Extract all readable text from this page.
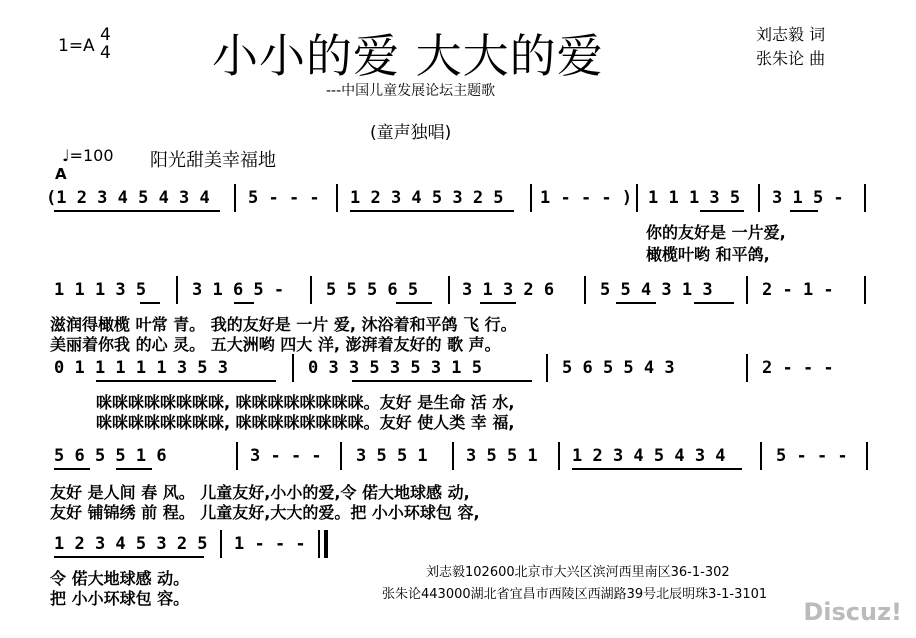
1=A
4
4 小小的爱 大大的爱	刘志毅 词
张朱论 曲
---中国儿童发展论坛主题歌
(童声独唱)
♩=100 阳光甜美幸福地
A
(1 2 3 4 5 4 3 4 5 - - - 1 2 3 4 5 3 2 5 1 - - - ) 1 1 1 3 5 3 1 5 -
你的友好是 一片爱,
橄榄叶哟 和平鸽,
1 1 1 3 5	3 1 6 5 - 5 5 5 6 5	3 1 3 2 6	5 5 4 3 1 3	2 - 1 -
滋润得橄榄 叶常 青。 我的友好是 一片 爱, 沐浴着和平鸽 飞 行。
美丽着你我 的心 灵。 五大洲哟 四大 洋, 澎湃着友好的 歌 声。
0 1 1 1 1 1 3 5 3	0 3 3 5 3 5 3 1 5	5 6 5 5 4 3	2 - - -
咪咪咪咪咪咪咪咪, 咪咪咪咪咪咪咪咪。友好 是生命 活 水,
咪咪咪咪咪咪咪咪, 咪咪咪咪咪咪咪咪。友好 使人类 幸 福,
5 6 5 5 1 6	3 - - - 3 5 5 1 3 5 5 1 1 2 3 4 5 4 3 4	5 - - -
友好 是人间 春 风。 儿童友好,小小的爱,令 偌大地球感 动,
友好 铺锦绣 前 程。 儿童友好,大大的爱。把 小小环球包 容,
1 2 3 4 5 3 2 5 1 - - -
令 偌大地球感 动。
把 小小环球包 容。
刘志毅102600北京市大兴区滨河西里南区36-1-302
张朱论443000湖北省宜昌市西陵区西湖路39号北辰明珠3-1-3101
Discuz!
